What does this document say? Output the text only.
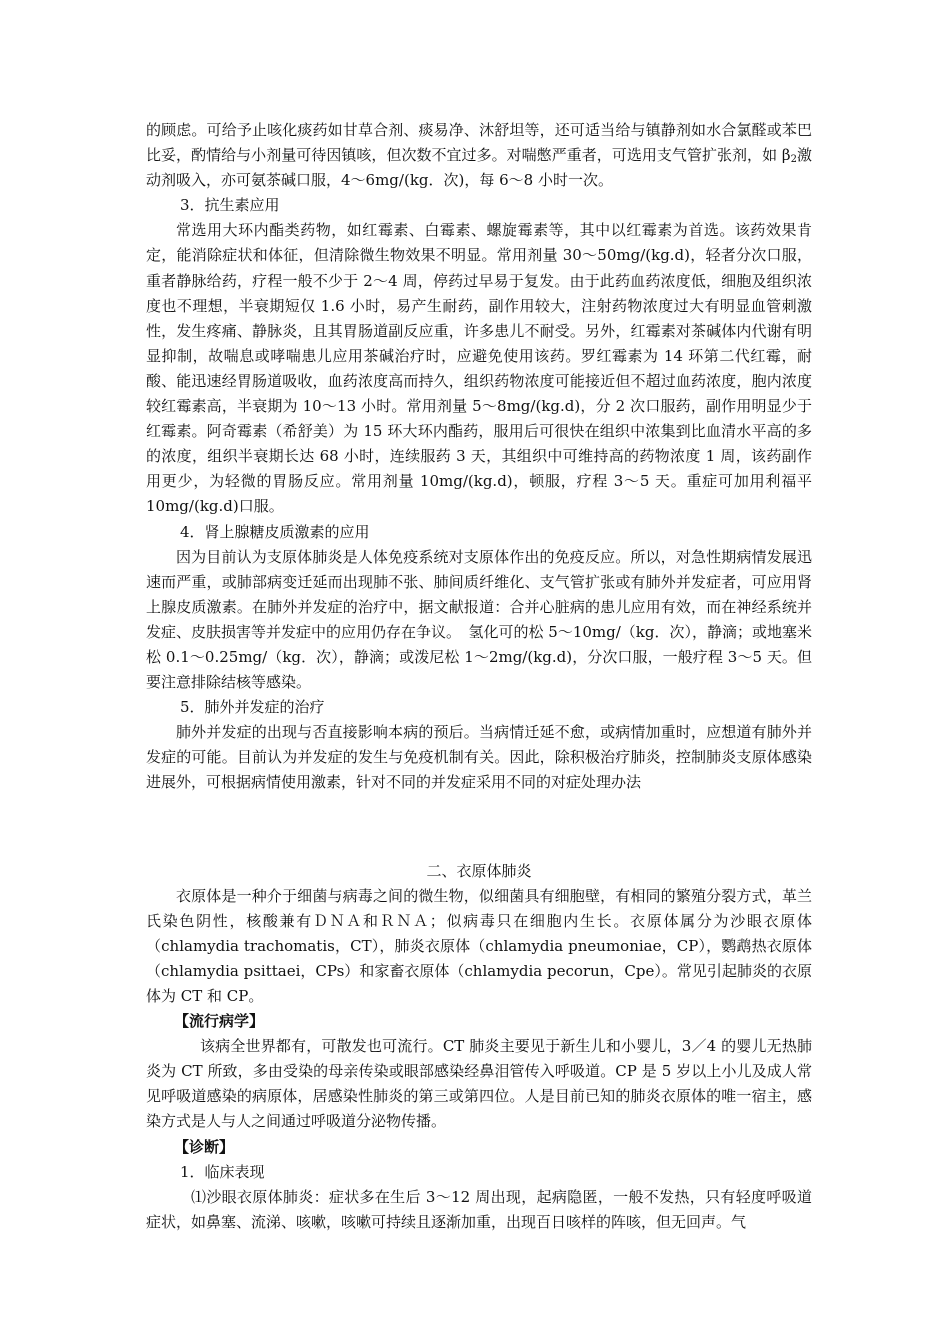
的顾虑。可给予止咳化痰药如甘草合剂、痰易净、沐舒坦等，还可适当给与镇静剂如水合氯醛或苯巴比妥，酌情给与小剂量可待因镇咳，但次数不宜过多。对喘憋严重者，可选用支气管扩张剂，如 $\beta_2$激动剂吸入，亦可氨茶碱口服，4～6mg/(kg．次)，每 6～8 小时一次。

3．抗生素应用

常选用大环内酯类药物，如红霉素、白霉素、螺旋霉素等，其中以红霉素为首选。该药效果肯定，能消除症状和体征，但清除微生物效果不明显。常用剂量 30～50mg/(kg.d)，轻者分次口服，重者静脉给药，疗程一般不少于 2～4 周，停药过早易于复发。由于此药血药浓度低，细胞及组织浓度也不理想，半衰期短仅 1.6 小时，易产生耐药，副作用较大，注射药物浓度过大有明显血管刺激性，发生疼痛、静脉炎，且其胃肠道副反应重，许多患儿不耐受。另外，红霉素对茶碱体内代谢有明显抑制，故喘息或哮喘患儿应用茶碱治疗时，应避免使用该药。罗红霉素为 14 环第二代红霉，耐酸、能迅速经胃肠道吸收，血药浓度高而持久，组织药物浓度可能接近但不超过血药浓度，胞内浓度较红霉素高，半衰期为 10～13 小时。常用剂量 5～8mg/(kg.d)，分 2 次口服药，副作用明显少于红霉素。阿奇霉素（希舒美）为 15 环大环内酯药，服用后可很快在组织中浓集到比血清水平高的多的浓度，组织半衰期长达 68 小时，连续服药 3 天，其组织中可维持高的药物浓度 1 周，该药副作用更少，为轻微的胃肠反应。常用剂量 10mg/(kg.d)，顿服，疗程 3～5 天。重症可加用利福平 10mg/(kg.d)口服。

4．肾上腺糖皮质激素的应用

因为目前认为支原体肺炎是人体免疫系统对支原体作出的免疫反应。所以，对急性期病情发展迅速而严重，或肺部病变迁延而出现肺不张、肺间质纤维化、支气管扩张或有肺外并发症者，可应用肾上腺皮质激素。在肺外并发症的治疗中，据文献报道：合并心脏病的患儿应用有效，而在神经系统并发症、皮肤损害等并发症中的应用仍存在争议。　氢化可的松 5～10mg/（kg．次），静滴；或地塞米松 0.1～0.25mg/（kg．次），静滴；或泼尼松 1～2mg/(kg.d)，分次口服，一般疗程 3～5 天。但要注意排除结核等感染。

5．肺外并发症的治疗

肺外并发症的出现与否直接影响本病的预后。当病情迁延不愈，或病情加重时，应想道有肺外并发症的可能。目前认为并发症的发生与免疫机制有关。因此，除积极治疗肺炎，控制肺炎支原体感染进展外，可根据病情使用激素，针对不同的并发症采用不同的对症处理办法

二、衣原体肺炎

衣原体是一种介于细菌与病毒之间的微生物，似细菌具有细胞壁，有相同的繁殖分裂方式，革兰氏染色阴性，核酸兼有ＤＮＡ和ＲＮＡ；似病毒只在细胞内生长。衣原体属分为沙眼衣原体（chlamydia trachomatis，CT），肺炎衣原体（chlamydia pneumoniae，CP），鹦鹉热衣原体（chlamydia psittaei，CPs）和家畜衣原体（chlamydia pecorun，Cpe）。常见引起肺炎的衣原体为 CT 和 CP。

【流行病学】

该病全世界都有，可散发也可流行。CT 肺炎主要见于新生儿和小婴儿，3／4 的婴儿无热肺炎为 CT 所致，多由受染的母亲传染或眼部感染经鼻泪管传入呼吸道。CP 是 5 岁以上小儿及成人常见呼吸道感染的病原体，居感染性肺炎的第三或第四位。人是目前已知的肺炎衣原体的唯一宿主，感染方式是人与人之间通过呼吸道分泌物传播。

【诊断】

1．临床表现

⑴沙眼衣原体肺炎：症状多在生后 3～12 周出现，起病隐匿，一般不发热，只有轻度呼吸道症状，如鼻塞、流涕、咳嗽，咳嗽可持续且逐渐加重，出现百日咳样的阵咳，但无回声。气
